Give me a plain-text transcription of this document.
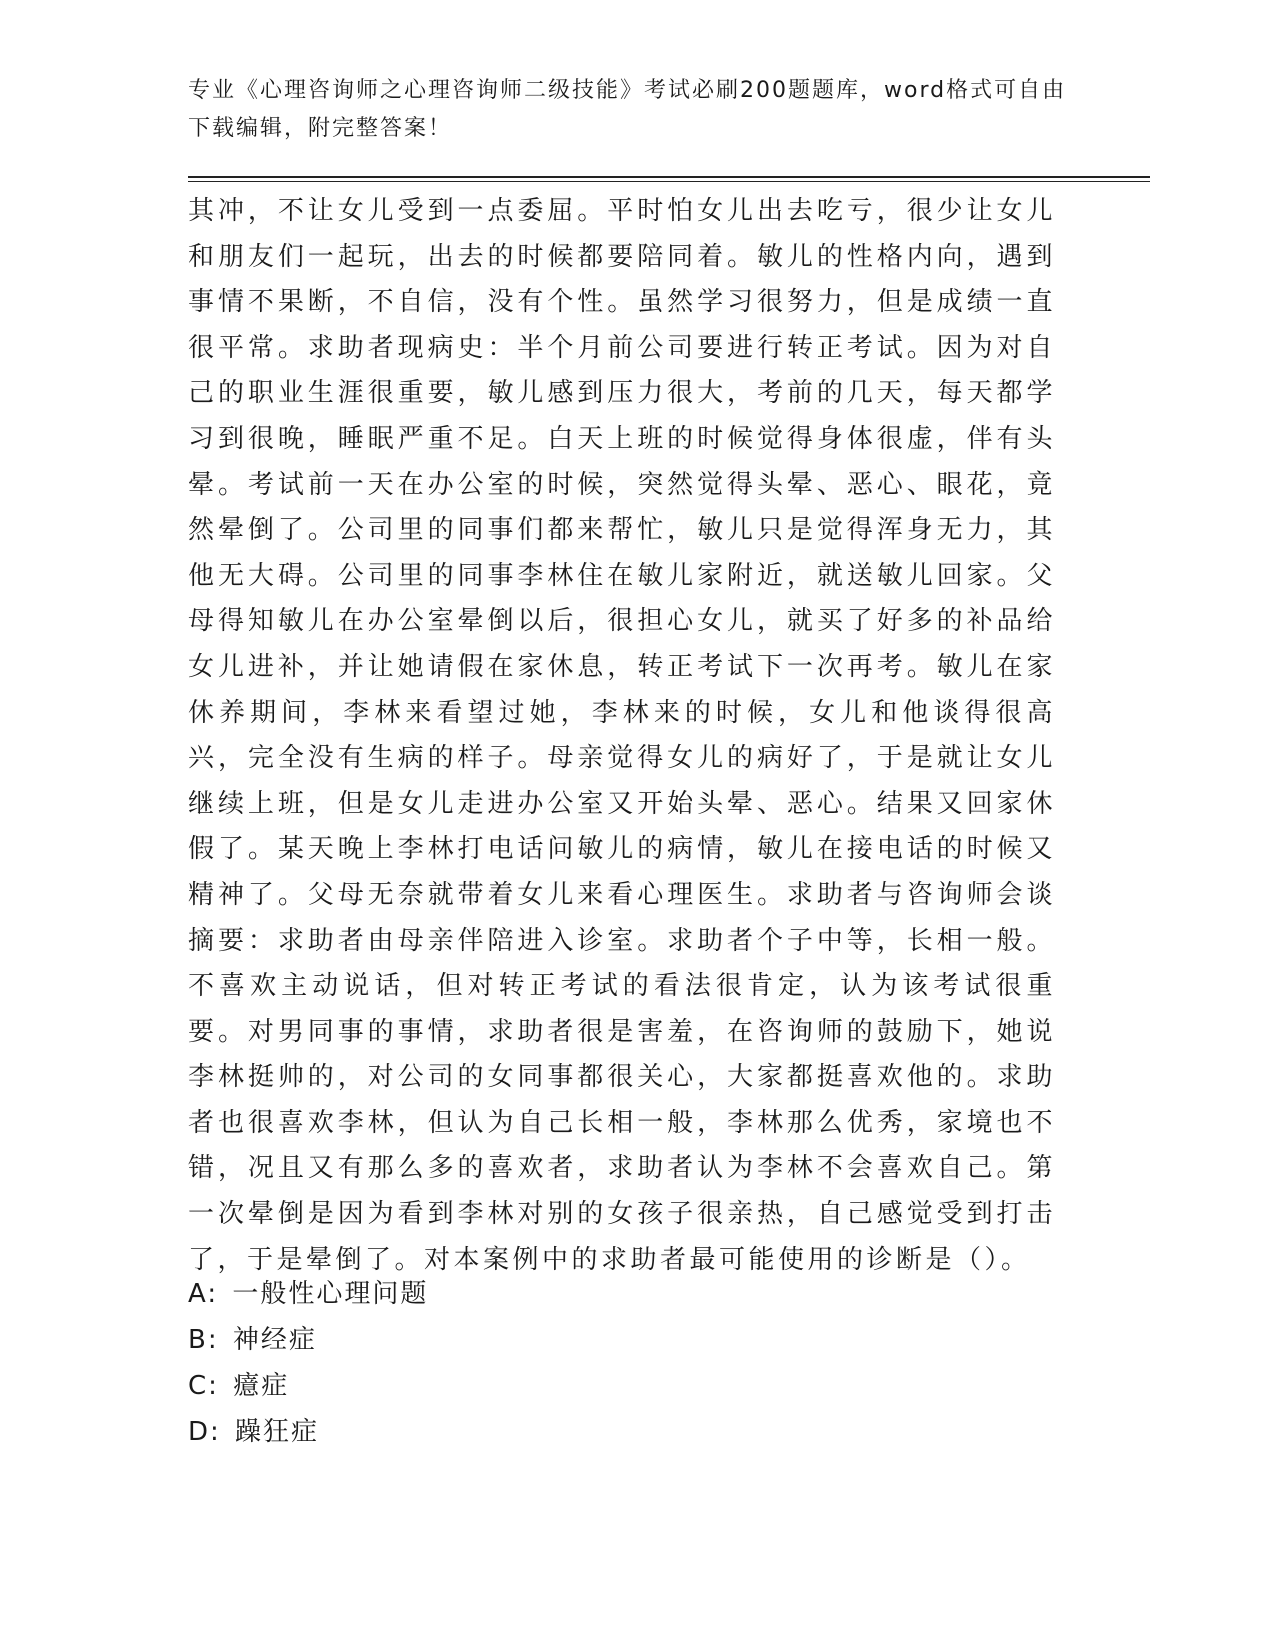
专业《心理咨询师之心理咨询师二级技能》考试必刷200题题库，word格式可自由下载编辑，附完整答案！
其冲，不让女儿受到一点委屈。平时怕女儿出去吃亏，很少让女儿和朋友们一起玩，出去的时候都要陪同着。敏儿的性格内向，遇到事情不果断，不自信，没有个性。虽然学习很努力，但是成绩一直很平常。求助者现病史：半个月前公司要进行转正考试。因为对自己的职业生涯很重要，敏儿感到压力很大，考前的几天，每天都学习到很晚，睡眠严重不足。白天上班的时候觉得身体很虚，伴有头晕。考试前一天在办公室的时候，突然觉得头晕、恶心、眼花，竟然晕倒了。公司里的同事们都来帮忙，敏儿只是觉得浑身无力，其他无大碍。公司里的同事李林住在敏儿家附近，就送敏儿回家。父母得知敏儿在办公室晕倒以后，很担心女儿，就买了好多的补品给女儿进补，并让她请假在家休息，转正考试下一次再考。敏儿在家休养期间，李林来看望过她，李林来的时候，女儿和他谈得很高兴，完全没有生病的样子。母亲觉得女儿的病好了，于是就让女儿继续上班，但是女儿走进办公室又开始头晕、恶心。结果又回家休假了。某天晚上李林打电话问敏儿的病情，敏儿在接电话的时候又精神了。父母无奈就带着女儿来看心理医生。求助者与咨询师会谈摘要：求助者由母亲伴陪进入诊室。求助者个子中等，长相一般。不喜欢主动说话，但对转正考试的看法很肯定，认为该考试很重要。对男同事的事情，求助者很是害羞，在咨询师的鼓励下，她说李林挺帅的，对公司的女同事都很关心，大家都挺喜欢他的。求助者也很喜欢李林，但认为自己长相一般，李林那么优秀，家境也不错，况且又有那么多的喜欢者，求助者认为李林不会喜欢自己。第一次晕倒是因为看到李林对别的女孩子很亲热，自己感觉受到打击了，于是晕倒了。对本案例中的求助者最可能使用的诊断是（）。
A: 一般性心理问题
B: 神经症
C: 癔症
D: 躁狂症
